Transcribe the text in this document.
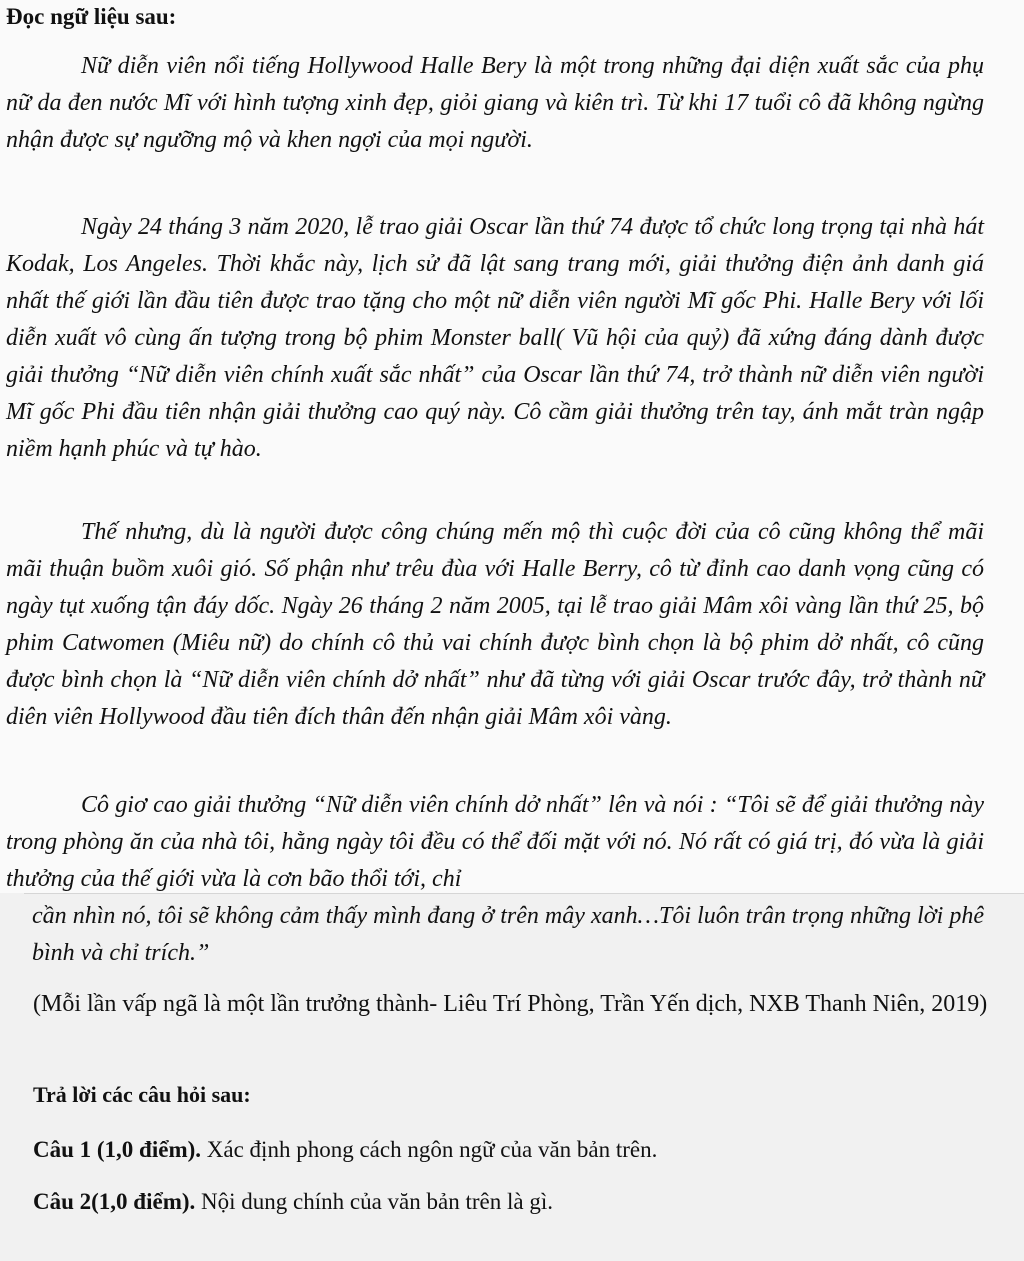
Đọc ngữ liệu sau:

Nữ diễn viên nổi tiếng Hollywood Halle Bery là một trong những đại diện xuất sắc của phụ nữ da đen nước Mĩ với hình tượng xinh đẹp, giỏi giang và kiên trì. Từ khi 17 tuổi cô đã không ngừng nhận được sự ngưỡng mộ và khen ngợi của mọi người.

Ngày 24 tháng 3 năm 2020, lễ trao giải Oscar lần thứ 74 được tổ chức long trọng tại nhà hát Kodak, Los Angeles. Thời khắc này, lịch sử đã lật sang trang mới, giải thưởng điện ảnh danh giá nhất thế giới lần đầu tiên được trao tặng cho một nữ diễn viên người Mĩ gốc Phi. Halle Bery với lối diễn xuất vô cùng ấn tượng trong bộ phim Monster ball( Vũ hội của quỷ) đã xứng đáng dành được giải thưởng “Nữ diễn viên chính xuất sắc nhất” của Oscar lần thứ 74, trở thành nữ diễn viên người Mĩ gốc Phi đầu tiên nhận giải thưởng cao quý này. Cô cầm giải thưởng trên tay, ánh mắt tràn ngập niềm hạnh phúc và tự hào.

Thế nhưng, dù là người được công chúng mến mộ thì cuộc đời của cô cũng không thể mãi mãi thuận buồm xuôi gió. Số phận như trêu đùa với Halle Berry, cô từ đỉnh cao danh vọng cũng có ngày tụt xuống tận đáy dốc. Ngày 26 tháng 2 năm 2005, tại lễ trao giải Mâm xôi vàng lần thứ 25, bộ phim Catwomen (Miêu nữ) do chính cô thủ vai chính được bình chọn là bộ phim dở nhất, cô cũng được bình chọn là “Nữ diễn viên chính dở nhất” như đã từng với giải Oscar trước đây, trở thành nữ diên viên Hollywood đầu tiên đích thân đến nhận giải Mâm xôi vàng.

Cô giơ cao giải thưởng “Nữ diễn viên chính dở nhất” lên và nói : “Tôi sẽ để giải thưởng này trong phòng ăn của nhà tôi, hằng ngày tôi đều có thể đối mặt với nó. Nó rất có giá trị, đó vừa là giải thưởng của thế giới vừa là cơn bão thổi tới, chỉ
cần nhìn nó, tôi sẽ không cảm thấy mình đang ở trên mây xanh…Tôi luôn trân trọng những lời phê bình và chỉ trích.”

(Mỗi lần vấp ngã là một lần trưởng thành- Liêu Trí Phòng, Trần Yến dịch, NXB Thanh Niên, 2019)

Trả lời các câu hỏi sau:

Câu 1 (1,0 điểm). Xác định phong cách ngôn ngữ của văn bản trên.

Câu 2(1,0 điểm). Nội dung chính của văn bản trên là gì.
